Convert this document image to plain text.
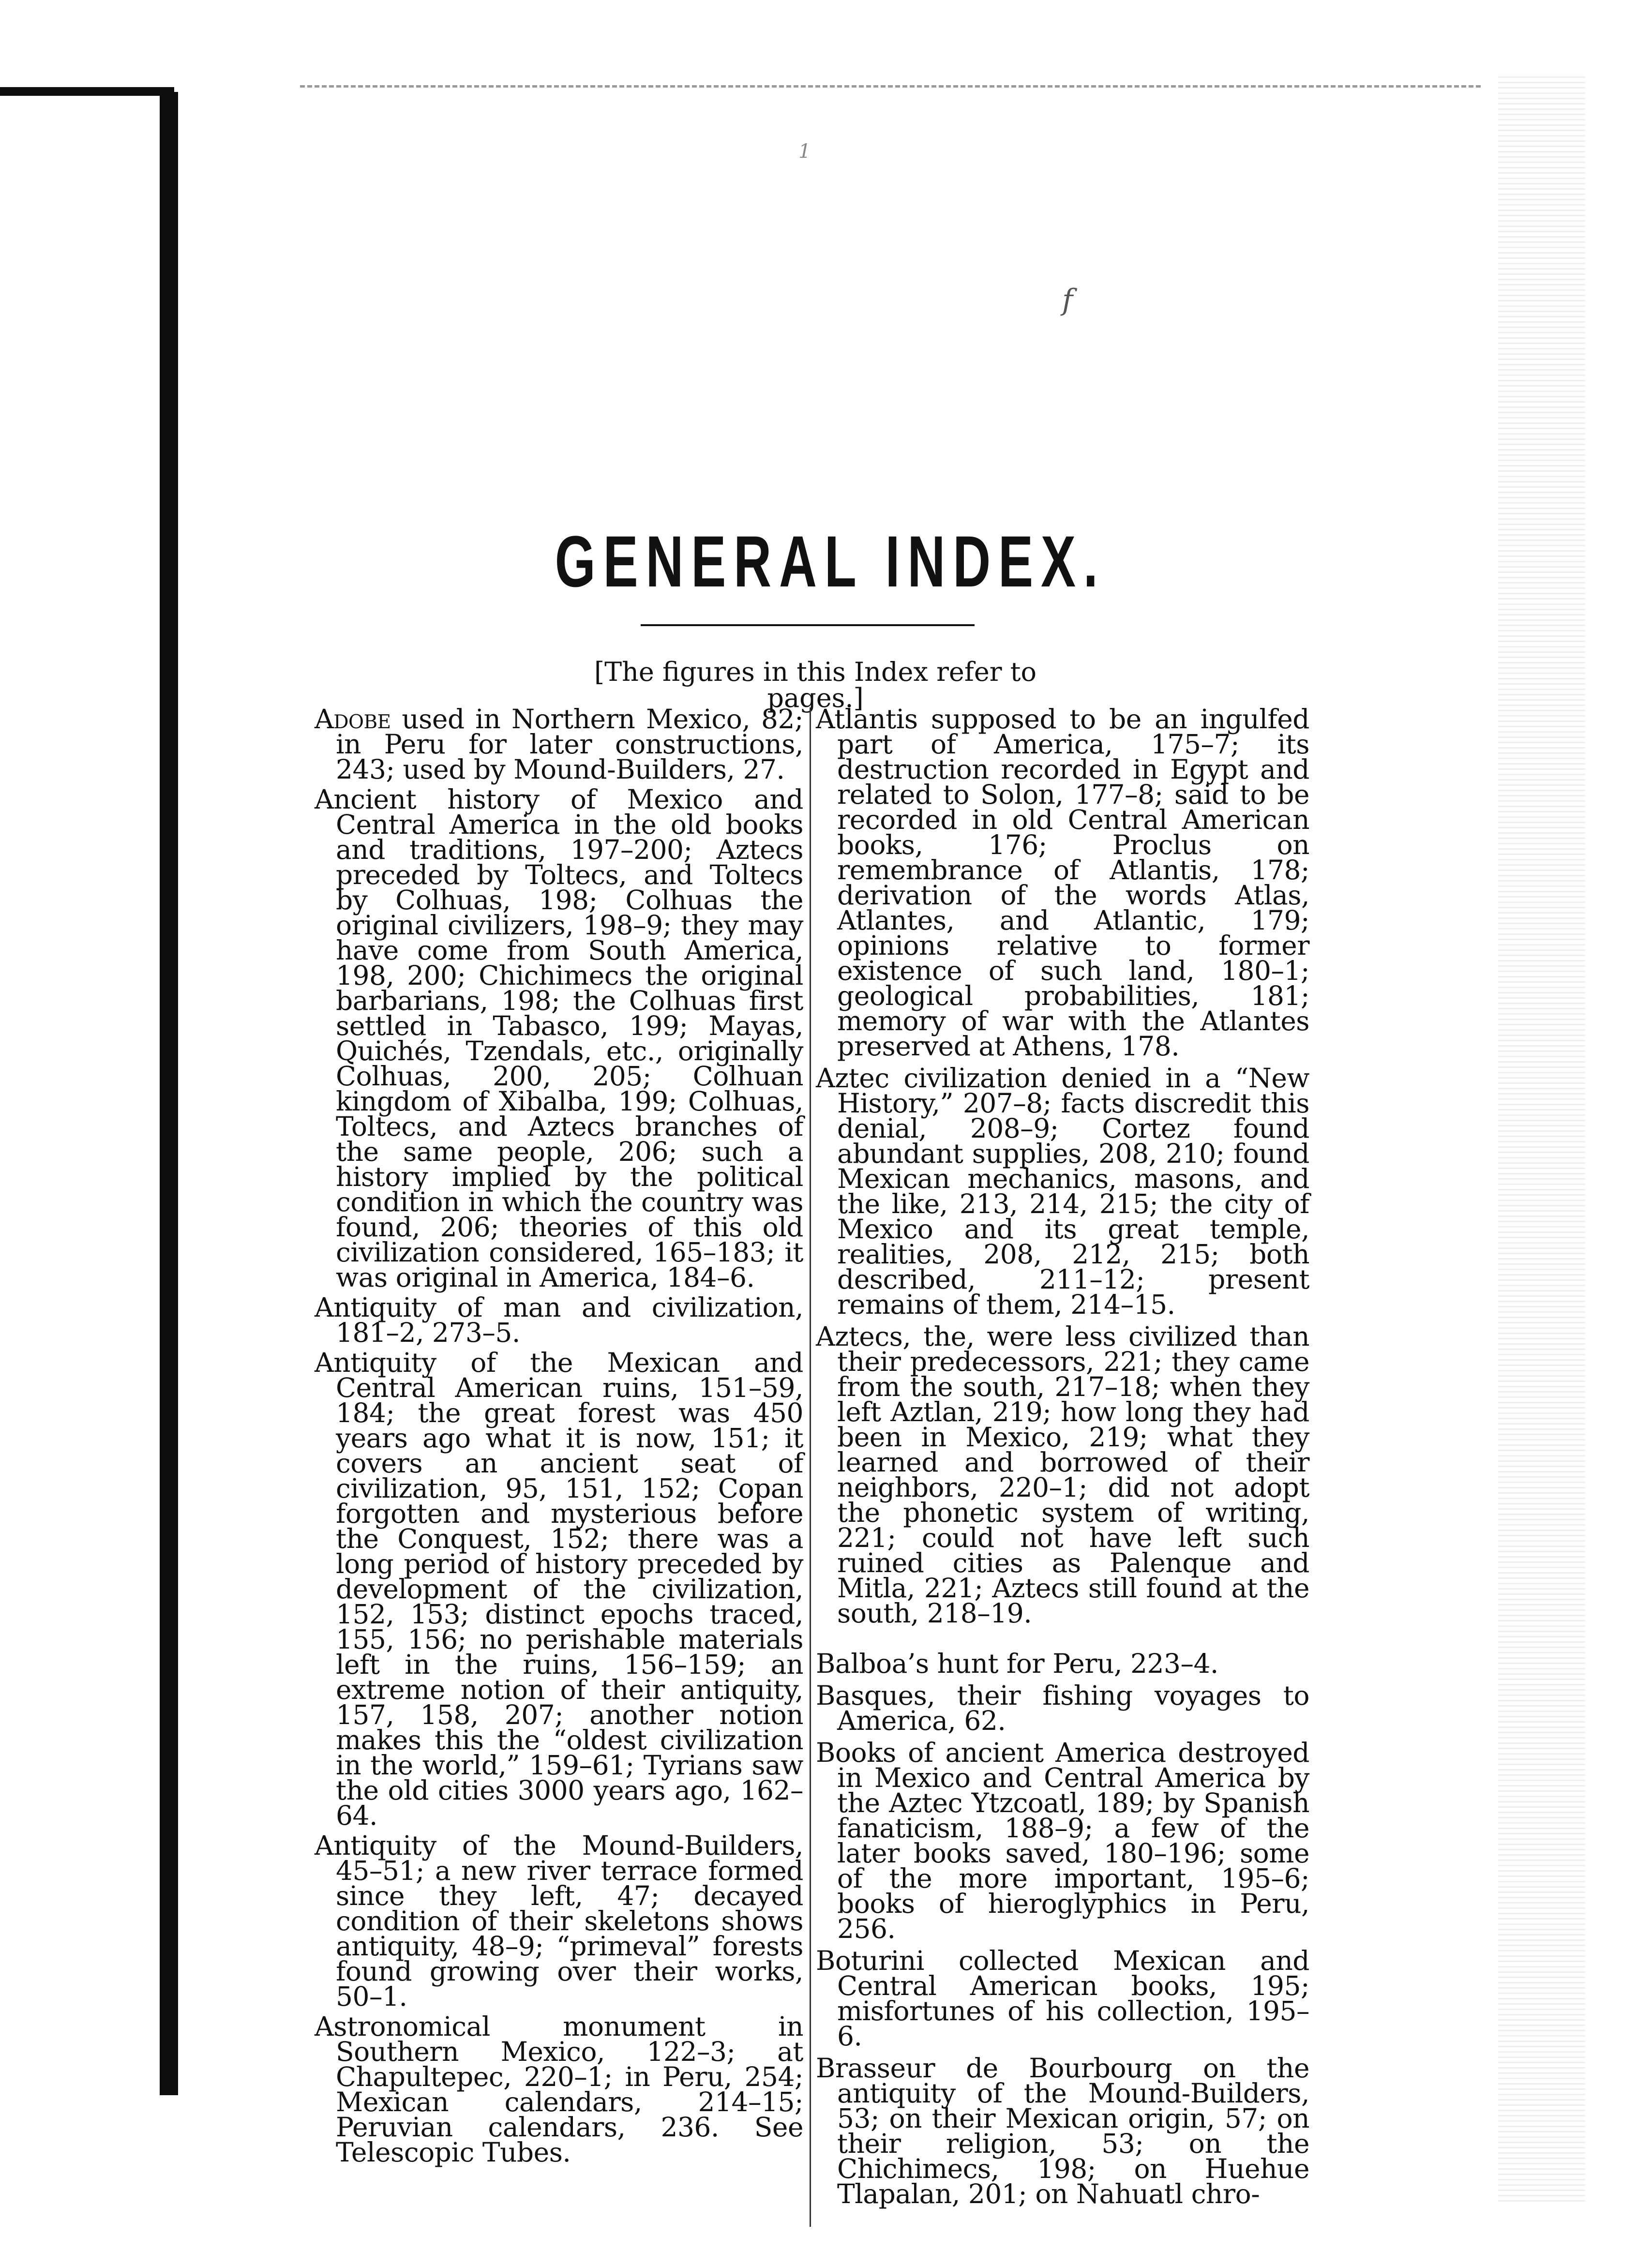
f
1
GENERAL INDEX.
[The figures in this Index refer to pages.]

Adobe used in Northern Mexico, 82; in Peru for later constructions, 243; used by Mound-Builders, 27.

Ancient history of Mexico and Central America in the old books and traditions, 197–200; Aztecs preceded by Toltecs, and Toltecs by Colhuas, 198; Colhuas the original civilizers, 198–9; they may have come from South America, 198, 200; Chichimecs the original barbarians, 198; the Colhuas first settled in Tabasco, 199; Mayas, Quichés, Tzendals, etc., originally Colhuas, 200, 205; Colhuan kingdom of Xibalba, 199; Colhuas, Toltecs, and Aztecs branches of the same people, 206; such a history implied by the political condition in which the country was found, 206; theories of this old civilization considered, 165–183; it was original in America, 184–6.

Antiquity of man and civilization, 181–2, 273–5.

Antiquity of the Mexican and Central American ruins, 151–59, 184; the great forest was 450 years ago what it is now, 151; it covers an ancient seat of civilization, 95, 151, 152; Copan forgotten and mysterious before the Conquest, 152; there was a long period of history preceded by development of the civilization, 152, 153; distinct epochs traced, 155, 156; no perishable materials left in the ruins, 156–159; an extreme notion of their antiquity, 157, 158, 207; another notion makes this the “oldest civilization in the world,” 159–61; Tyrians saw the old cities 3000 years ago, 162–64.

Antiquity of the Mound-Builders, 45–51; a new river terrace formed since they left, 47; decayed condition of their skeletons shows antiquity, 48–9; “primeval” forests found growing over their works, 50–1.

Astronomical monument in Southern Mexico, 122–3; at Chapultepec, 220–1; in Peru, 254; Mexican calendars, 214–15; Peruvian calendars, 236. See Telescopic Tubes.

Atlantis supposed to be an ingulfed part of America, 175–7; its destruction recorded in Egypt and related to Solon, 177–8; said to be recorded in old Central American books, 176; Proclus on remembrance of Atlantis, 178; derivation of the words Atlas, Atlantes, and Atlantic, 179; opinions relative to former existence of such land, 180–1; geological probabilities, 181; memory of war with the Atlantes preserved at Athens, 178.

Aztec civilization denied in a “New History,” 207–8; facts discredit this denial, 208–9; Cortez found abundant supplies, 208, 210; found Mexican mechanics, masons, and the like, 213, 214, 215; the city of Mexico and its great temple, realities, 208, 212, 215; both described, 211–12; present remains of them, 214–15.

Aztecs, the, were less civilized than their predecessors, 221; they came from the south, 217–18; when they left Aztlan, 219; how long they had been in Mexico, 219; what they learned and borrowed of their neighbors, 220–1; did not adopt the phonetic system of writing, 221; could not have left such ruined cities as Palenque and Mitla, 221; Aztecs still found at the south, 218–19.

Balboa’s hunt for Peru, 223–4.

Basques, their fishing voyages to America, 62.

Books of ancient America destroyed in Mexico and Central America by the Aztec Ytzcoatl, 189; by Spanish fanaticism, 188–9; a few of the later books saved, 180–196; some of the more important, 195–6; books of hieroglyphics in Peru, 256.

Boturini collected Mexican and Central American books, 195; misfortunes of his collection, 195–6.

Brasseur de Bourbourg on the antiquity of the Mound-Builders, 53; on their Mexican origin, 57; on their religion, 53; on the Chichimecs, 198; on Huehue Tlapalan, 201; on Nahuatl chro-
